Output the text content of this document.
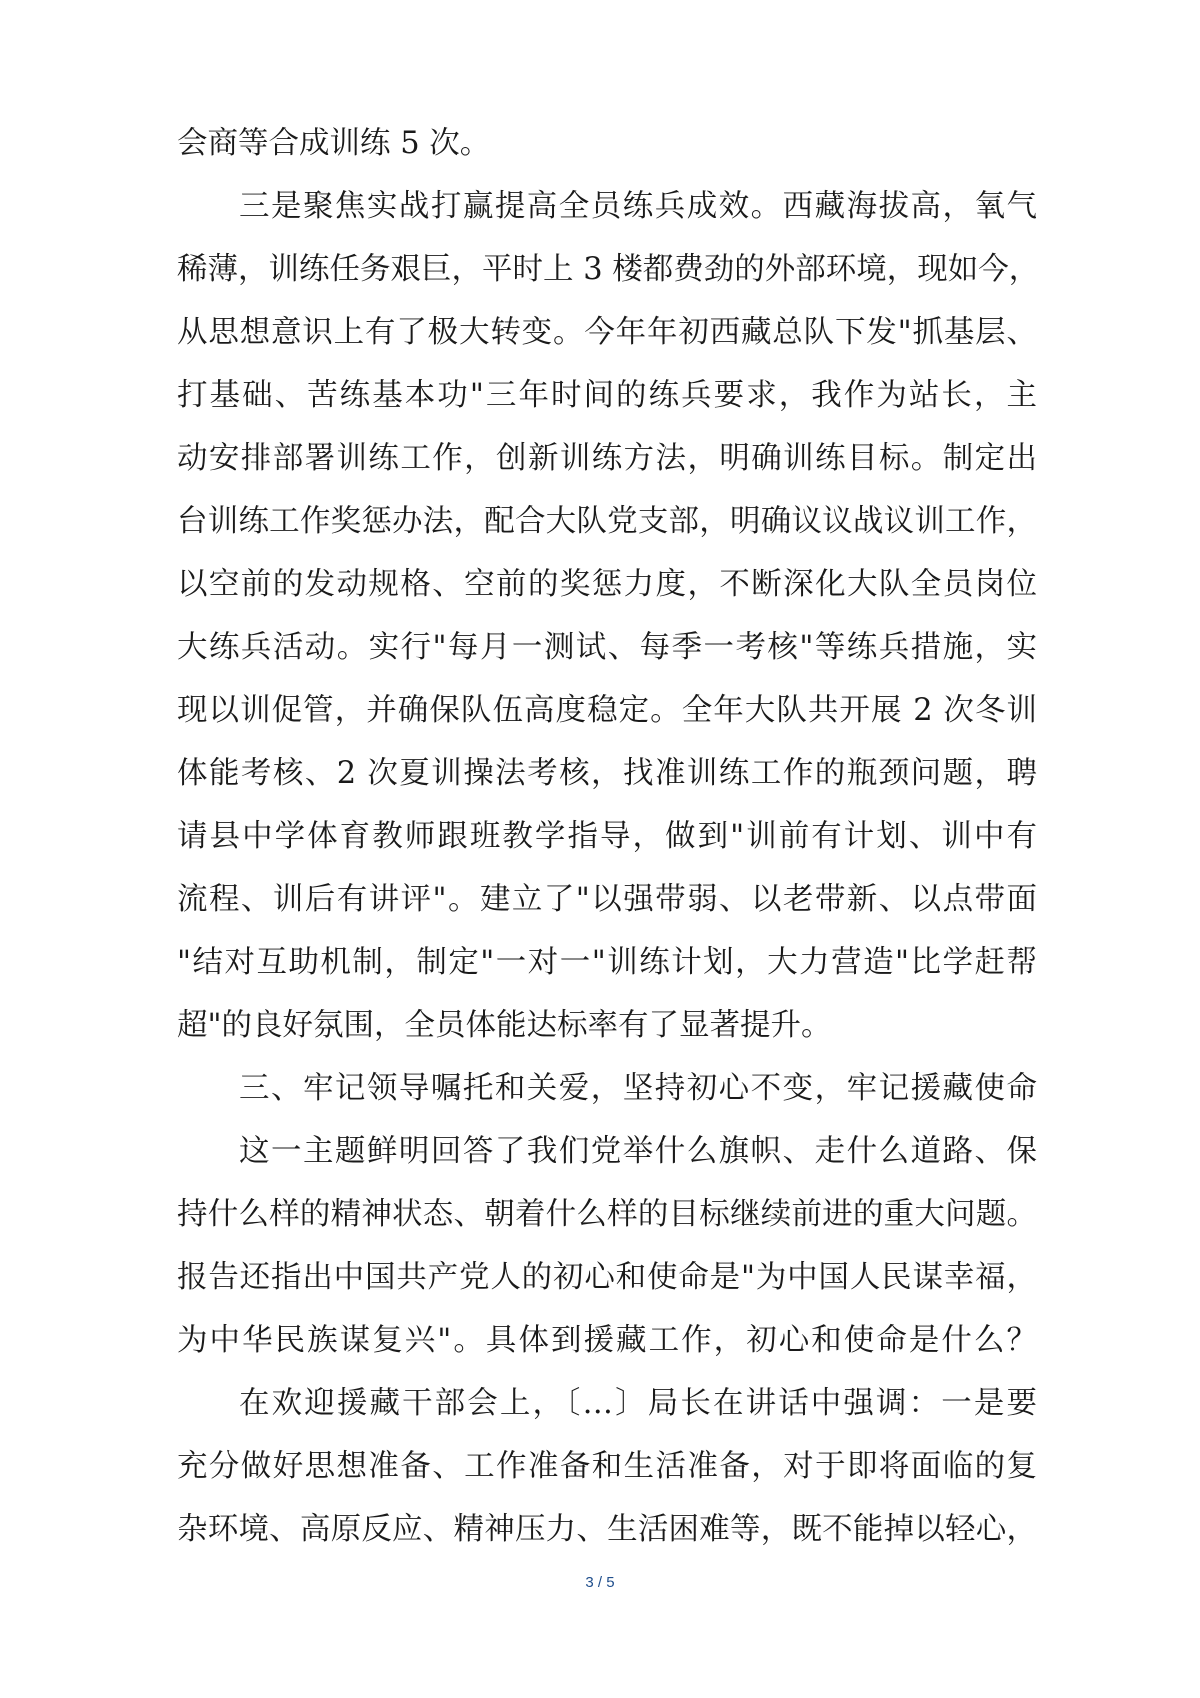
会商等合成训练 5 次。
三是聚焦实战打赢提高全员练兵成效。西藏海拔高，氧气
稀薄，训练任务艰巨，平时上 3 楼都费劲的外部环境，现如今，
从思想意识上有了极大转变。今年年初西藏总队下发"抓基层、
打基础、苦练基本功"三年时间的练兵要求，我作为站长，主
动安排部署训练工作，创新训练方法，明确训练目标。制定出
台训练工作奖惩办法，配合大队党支部，明确议议战议训工作，
以空前的发动规格、空前的奖惩力度，不断深化大队全员岗位
大练兵活动。实行"每月一测试、每季一考核"等练兵措施，实
现以训促管，并确保队伍高度稳定。全年大队共开展 2 次冬训
体能考核、2 次夏训操法考核，找准训练工作的瓶颈问题，聘
请县中学体育教师跟班教学指导，做到"训前有计划、训中有
流程、训后有讲评"。建立了"以强带弱、以老带新、以点带面
"结对互助机制，制定"一对一"训练计划，大力营造"比学赶帮
超"的良好氛围，全员体能达标率有了显著提升。
三、牢记领导嘱托和关爱，坚持初心不变，牢记援藏使命
这一主题鲜明回答了我们党举什么旗帜、走什么道路、保
持什么样的精神状态、朝着什么样的目标继续前进的重大问题。
报告还指出中国共产党人的初心和使命是"为中国人民谋幸福，
为中华民族谋复兴"。具体到援藏工作，初心和使命是什么？
在欢迎援藏干部会上，〔…〕局长在讲话中强调：一是要
充分做好思想准备、工作准备和生活准备，对于即将面临的复
杂环境、高原反应、精神压力、生活困难等，既不能掉以轻心，
3 / 5
